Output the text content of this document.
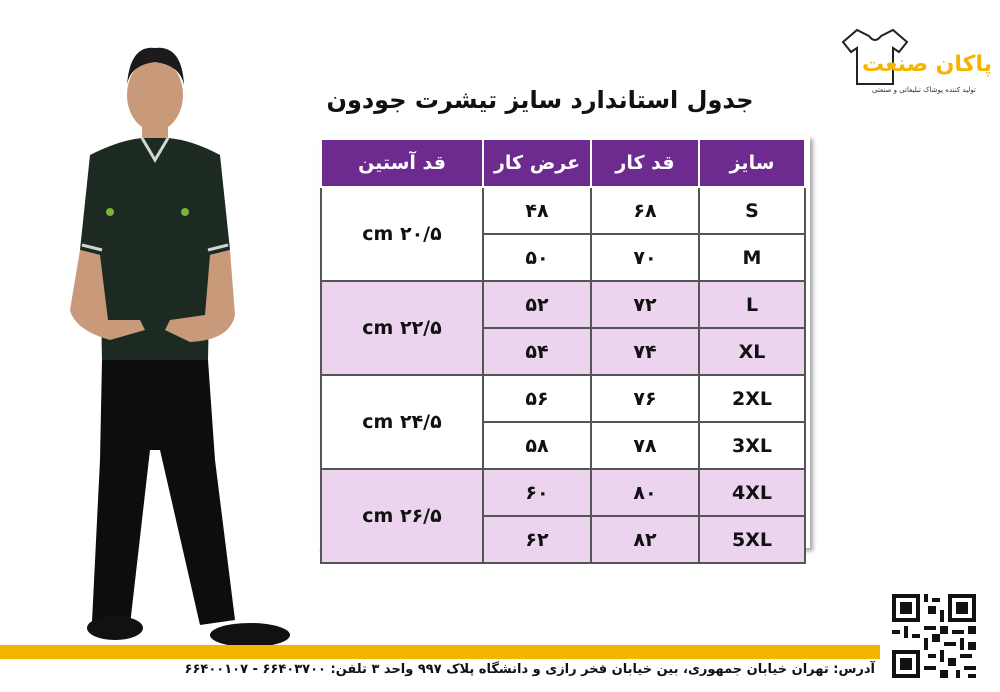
پاکان صنعت
تولید کننده پوشاک تبلیغاتی و صنعتی
جدول استاندارد سایز تیشرت جودون
سایز	قد کار	عرض کار	قد آستین
S	۶۸	۴۸	۲۰/۵ cm
M	۷۰	۵۰	
L	۷۲	۵۲	۲۲/۵ cm
XL	۷۴	۵۴	
2XL	۷۶	۵۶	۲۴/۵ cm
3XL	۷۸	۵۸	
4XL	۸۰	۶۰	۲۶/۵ cm
5XL	۸۲	۶۲	
آدرس: تهران خیابان جمهوری، بین خیابان فخر رازی و دانشگاه پلاک ۹۹۷ واحد ۳ تلفن: ۶۶۴۰۳۷۰۰ - ۶۶۴۰۰۱۰۷
